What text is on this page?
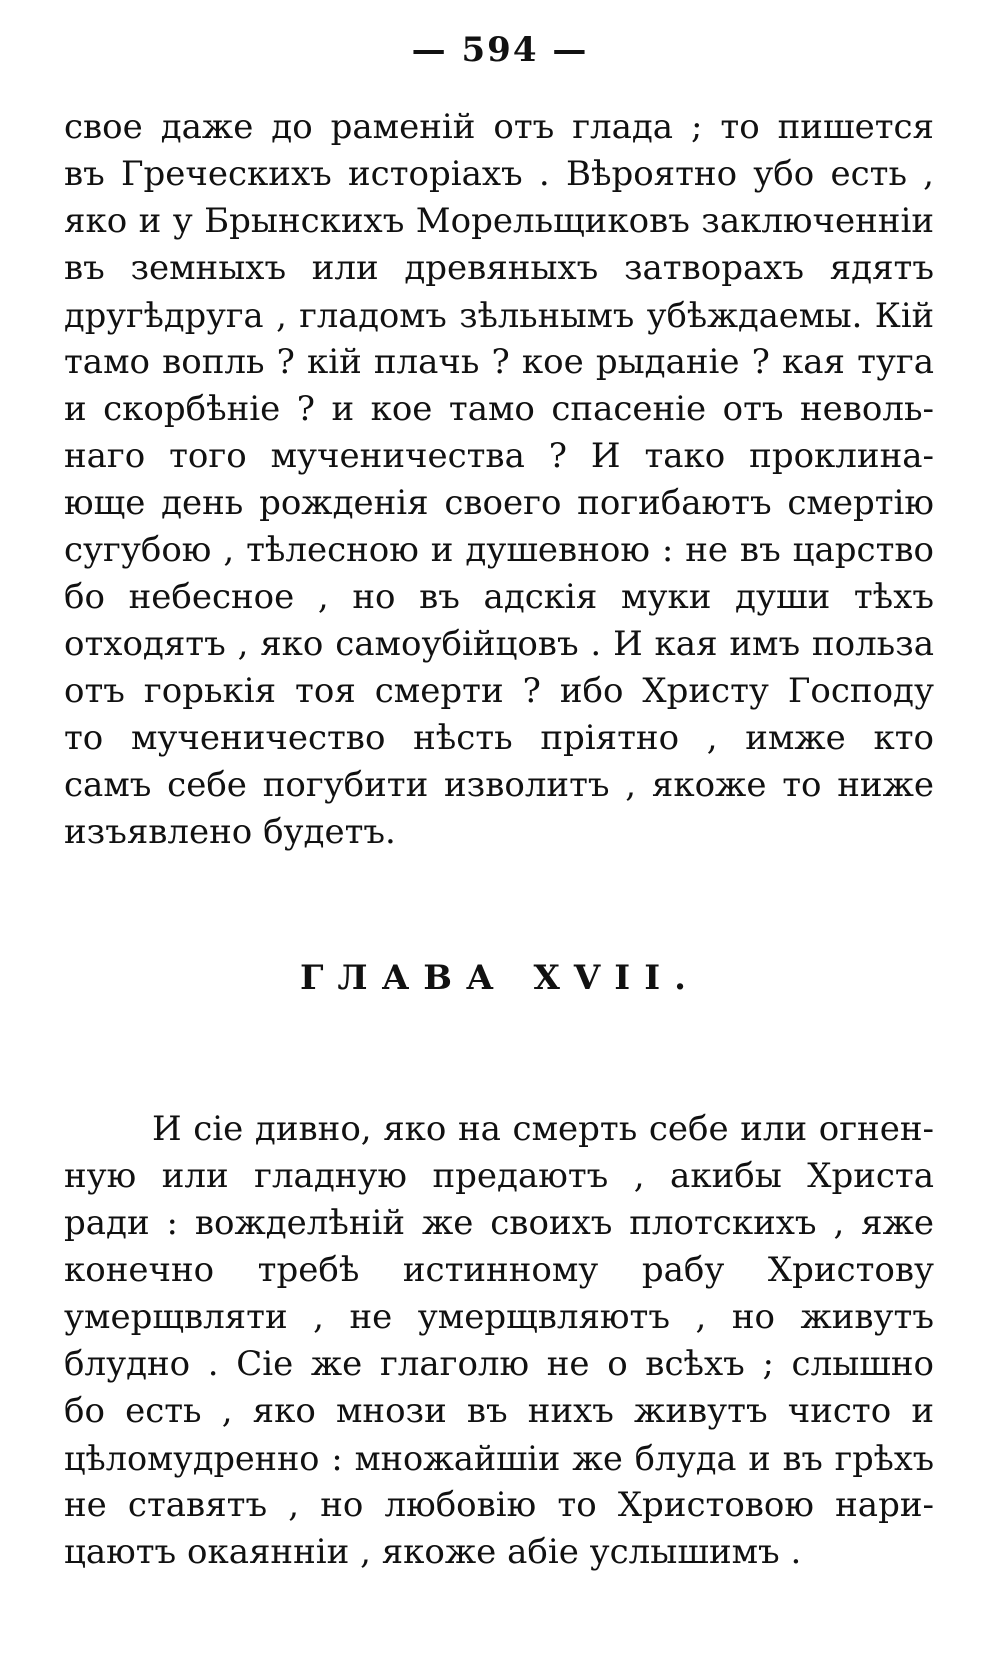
— 594 —
свое даже до раменій отъ глада ; то пишется
въ Греческихъ исторіахъ . Вѣроятно убо есть ,
яко и у Брынскихъ Морельщиковъ заключенніи
въ земныхъ или древяныхъ затворахъ ядятъ
другѣдруга , гладомъ зѣльнымъ убѣждаемы. Кій
тамо вопль ? кій плачь ? кое рыданіе ? кая туга
и скорбѣніе ? и кое тамо спасеніе отъ неволь-
наго того мученичества ? И тако проклина-
юще день рожденія своего погибаютъ смертію
сугубою , тѣлесною и душевною : не въ царство
бо небесное , но въ адскія муки души тѣхъ
отходятъ , яко самоубійцовъ . И кая имъ польза
отъ горькія тоя смерти ? ибо Христу Господу
то мученичество нѣсть пріятно , имже кто
самъ себе погубити изволитъ , якоже то ниже
изъявлено будетъ.
ГЛАВА XVII.
И сіе дивно, яко на смерть себе или огнен-
ную или гладную предаютъ , акибы Христа
ради : вожделѣній же своихъ плотскихъ , яже
конечно требѣ истинному рабу Христову
умерщвляти , не умерщвляютъ , но живутъ
блудно . Сіе же глаголю не о всѣхъ ; слышно
бо есть , яко мнози въ нихъ живутъ чисто и
цѣломудренно : множайшіи же блуда и въ грѣхъ
не ставятъ , но любовію то Христовою нари-
цаютъ окаянніи , якоже абіе услышимъ .
